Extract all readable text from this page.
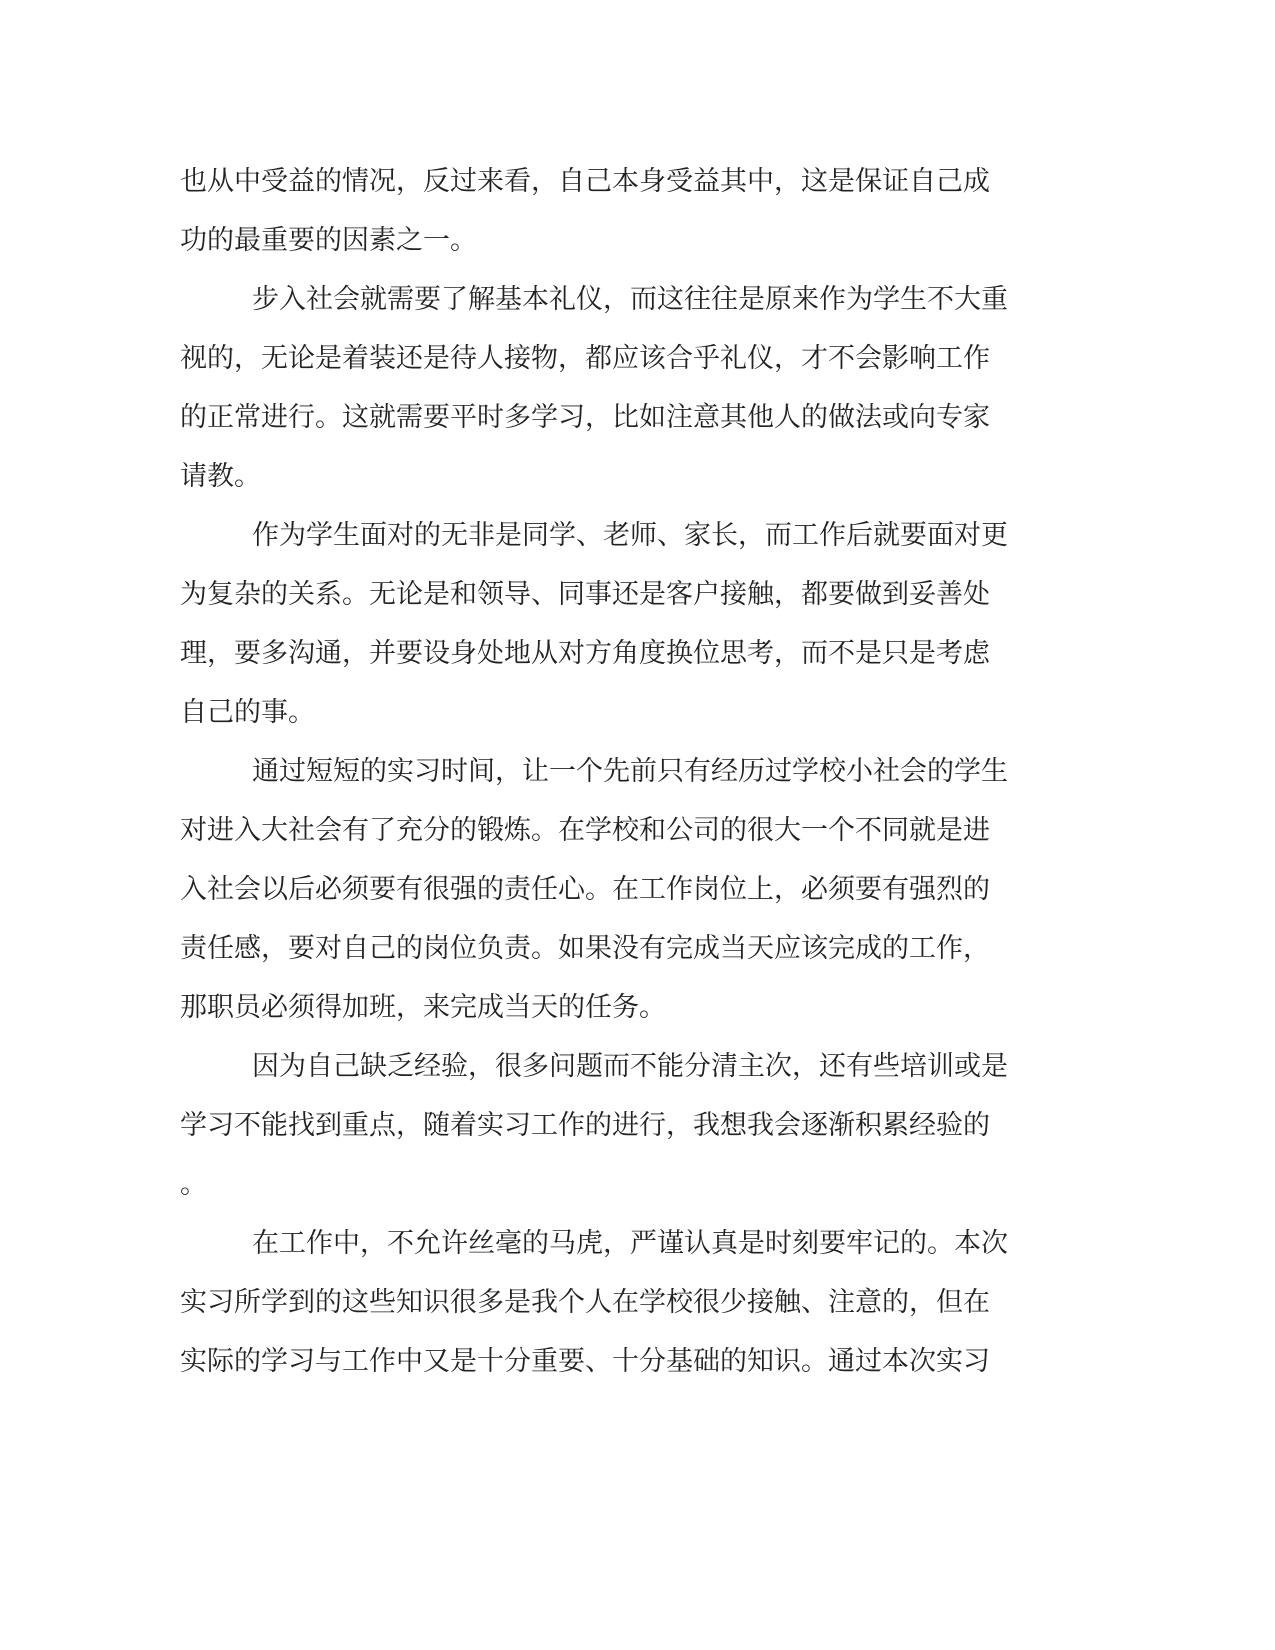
也从中受益的情况，反过来看，自己本身受益其中，这是保证自己成

功的最重要的因素之一。

步入社会就需要了解基本礼仪，而这往往是原来作为学生不大重

视的，无论是着装还是待人接物，都应该合乎礼仪，才不会影响工作

的正常进行。这就需要平时多学习，比如注意其他人的做法或向专家

请教。

作为学生面对的无非是同学、老师、家长，而工作后就要面对更

为复杂的关系。无论是和领导、同事还是客户接触，都要做到妥善处

理，要多沟通，并要设身处地从对方角度换位思考，而不是只是考虑

自己的事。

通过短短的实习时间，让一个先前只有经历过学校小社会的学生

对进入大社会有了充分的锻炼。在学校和公司的很大一个不同就是进

入社会以后必须要有很强的责任心。在工作岗位上，必须要有强烈的

责任感，要对自己的岗位负责。如果没有完成当天应该完成的工作，

那职员必须得加班，来完成当天的任务。

因为自己缺乏经验，很多问题而不能分清主次，还有些培训或是

学习不能找到重点，随着实习工作的进行，我想我会逐渐积累经验的

。

在工作中，不允许丝毫的马虎，严谨认真是时刻要牢记的。本次

实习所学到的这些知识很多是我个人在学校很少接触、注意的，但在

实际的学习与工作中又是十分重要、十分基础的知识。通过本次实习
